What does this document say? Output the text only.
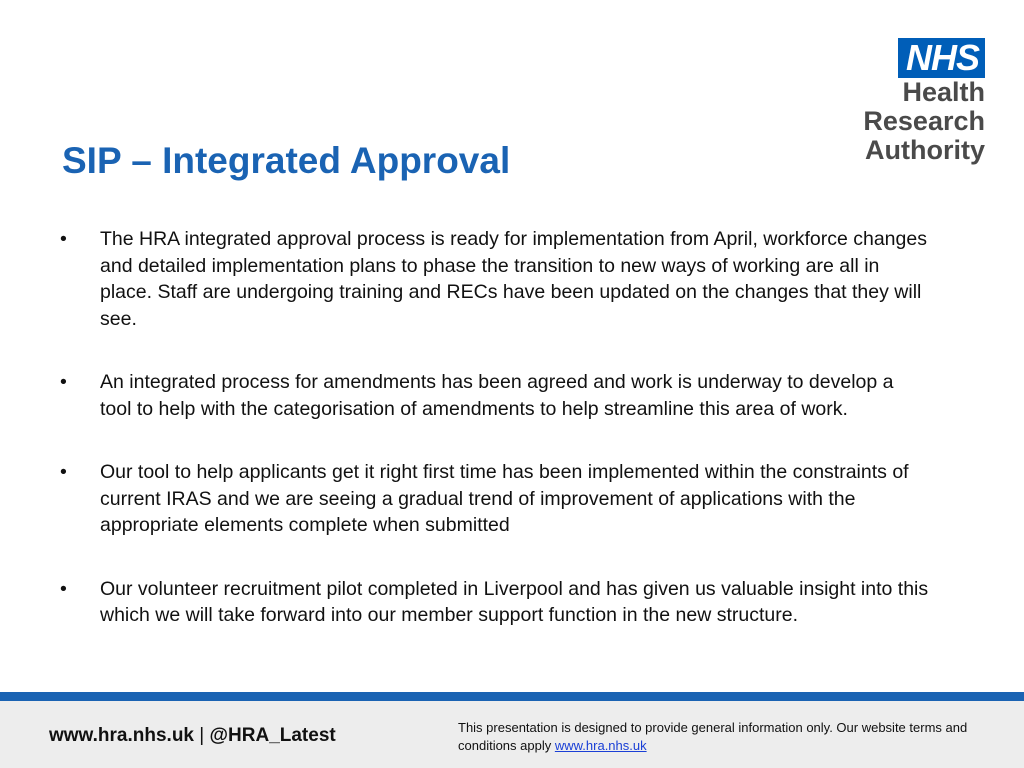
NHS
Health Research
Authority
SIP – Integrated Approval
• The HRA integrated approval process is ready for implementation from April, workforce changes and detailed implementation plans to phase the transition to new ways of working are all in place. Staff are undergoing training and RECs have been updated on the changes that they will see.
• An integrated process for amendments has been agreed and work is underway to develop a tool to help with the categorisation of amendments to help streamline this area of work.
• Our tool to help applicants get it right first time has been implemented within the constraints of current IRAS and we are seeing a gradual trend of improvement of applications with the appropriate elements complete when submitted
• Our volunteer recruitment pilot completed in Liverpool and has given us valuable insight into this which we will take forward into our member support function in the new structure.
www.hra.nhs.uk | @HRA_Latest	This presentation is designed to provide general information only. Our website terms and conditions apply www.hra.nhs.uk
